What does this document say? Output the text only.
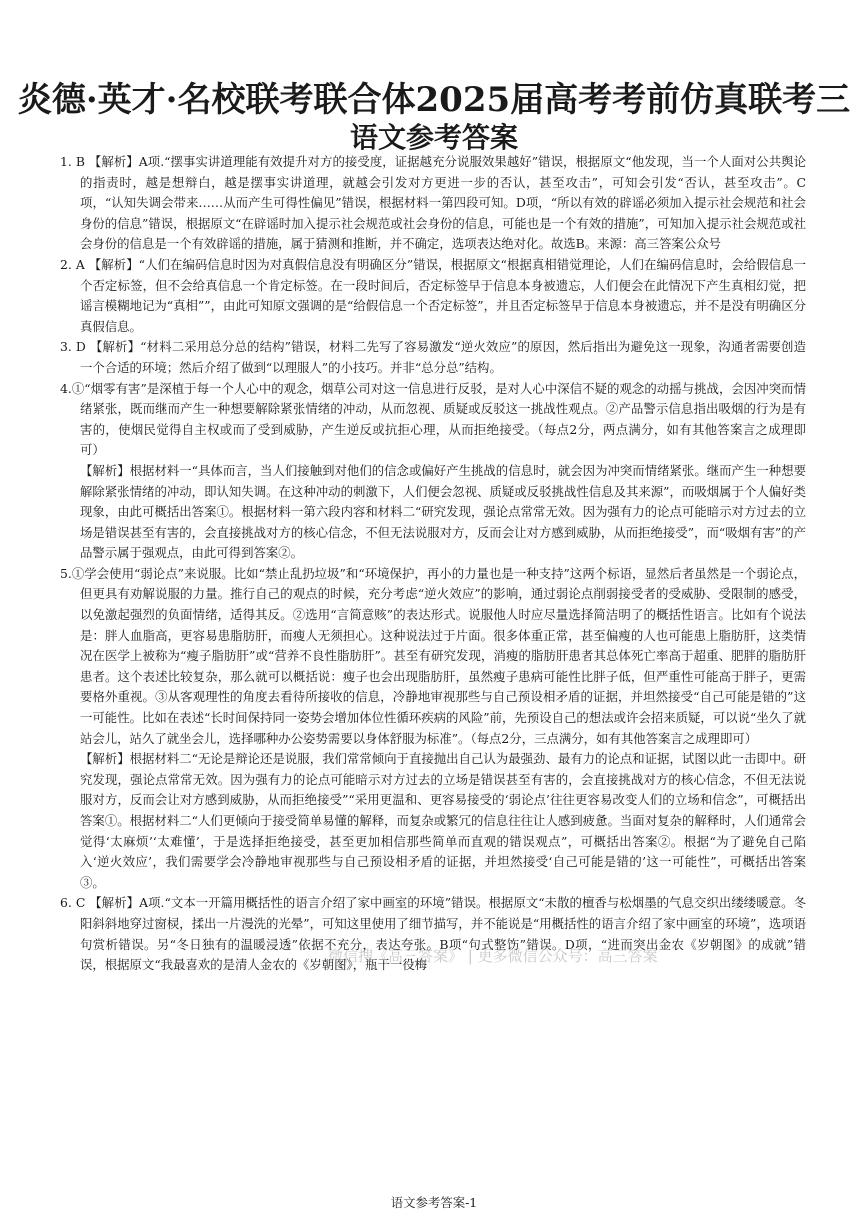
炎德·英才·名校联考联合体2025届高考考前仿真联考三
语文参考答案

1. B 【解析】A项.“摆事实讲道理能有效提升对方的接受度，证据越充分说服效果越好”错误，根据原文“他发现，当一个人面对公共舆论的指责时，越是想辩白，越是摆事实讲道理，就越会引发对方更进一步的否认，甚至攻击”，可知会引发“否认，甚至攻击”。C项，“认知失调会带来……从而产生可得性偏见”错误，根据材料一第四段可知。D项，“所以有效的辟谣必须加入提示社会规范和社会身份的信息”错误，根据原文“在辟谣时加入提示社会规范或社会身份的信息，可能也是一个有效的措施”，可知加入提示社会规范或社会身份的信息是一个有效辟谣的措施，属于猜测和推断，并不确定，选项表达绝对化。故选B。来源：高三答案公众号

2. A 【解析】“人们在编码信息时因为对真假信息没有明确区分”错误，根据原文“根据真相错觉理论，人们在编码信息时，会给假信息一个否定标签，但不会给真信息一个肯定标签。在一段时间后，否定标签早于信息本身被遗忘，人们便会在此情况下产生真相幻觉，把谣言模糊地记为“真相””，由此可知原文强调的是“给假信息一个否定标签”，并且否定标签早于信息本身被遗忘，并不是没有明确区分真假信息。

3. D 【解析】“材料二采用总分总的结构”错误，材料二先写了容易激发“逆火效应”的原因，然后指出为避免这一现象，沟通者需要创造一个合适的环境；然后介绍了做到“以理服人”的小技巧。并非“总分总”结构。

4.①“烟零有害”是深植于每一个人心中的观念，烟草公司对这一信息进行反驳，是对人心中深信不疑的观念的动摇与挑战，会因冲突而情绪紧张，既而继而产生一种想要解除紧张情绪的冲动，从而忽视、质疑或反驳这一挑战性观点。②产品警示信息指出吸烟的行为是有害的，使烟民觉得自主权或而了受到威胁，产生逆反或抗拒心理，从而拒绝接受。（每点2分，两点满分，如有其他答案言之成理即可）

【解析】根据材料一“具体而言，当人们接触到对他们的信念或偏好产生挑战的信息时，就会因为冲突而情绪紧张。继而产生一种想要解除紧张情绪的冲动，即认知失调。在这种冲动的刺激下，人们便会忽视、质疑或反驳挑战性信息及其来源”，而吸烟属于个人偏好类现象，由此可概括出答案①。根据材料一第六段内容和材料二“研究发现，强论点常常无效。因为强有力的论点可能暗示对方过去的立场是错误甚至有害的，会直接挑战对方的核心信念，不但无法说服对方，反而会让对方感到威胁，从而拒绝接受”，而“吸烟有害”的产品警示属于强观点，由此可得到答案②。

5.①学会使用“弱论点”来说服。比如“禁止乱扔垃圾”和“环境保护，再小的力量也是一种支持”这两个标语，显然后者虽然是一个弱论点，但更具有劝解说服的力量。推行自己的观点的时候，充分考虑“逆火效应”的影响，通过弱论点削弱接受者的受威胁、受限制的感受，以免激起强烈的负面情绪，适得其反。②选用“言简意赅”的表达形式。说服他人时应尽量选择简洁明了的概括性语言。比如有个说法是：胖人血脂高，更容易患脂肪肝，而瘦人无须担心。这种说法过于片面。很多体重正常，甚至偏瘦的人也可能患上脂肪肝，这类情况在医学上被称为“瘦子脂肪肝”或“营养不良性脂肪肝”。甚至有研究发现，消瘦的脂肪肝患者其总体死亡率高于超重、肥胖的脂肪肝患者。这个表述比较复杂，那么就可以概括说：瘦子也会出现脂肪肝，虽然瘦子患病可能性比胖子低，但严重性可能高于胖子，更需要格外重视。③从客观理性的角度去看待所接收的信息，冷静地审视那些与自己预设相矛盾的证据，并坦然接受“自己可能是错的”这一可能性。比如在表述“长时间保持同一姿势会增加体位性循环疾病的风险”前，先预设自己的想法或许会招来质疑，可以说“坐久了就站会儿，站久了就坐会儿，选择哪种办公姿势需要以身体舒服为标准”。（每点2分，三点满分，如有其他答案言之成理即可）

【解析】根据材料二“无论是辩论还是说服，我们常常倾向于直接抛出自己认为最强劲、最有力的论点和证据，试图以此一击即中。研究发现，强论点常常无效。因为强有力的论点可能暗示对方过去的立场是错误甚至有害的，会直接挑战对方的核心信念，不但无法说服对方，反而会让对方感到威胁，从而拒绝接受”“采用更温和、更容易接受的‘弱论点’往往更容易改变人们的立场和信念”，可概括出答案①。根据材料二“人们更倾向于接受简单易懂的解释，而复杂或繁冗的信息往往让人感到疲惫。当面对复杂的解释时，人们通常会觉得‘太麻烦’‘太难懂’，于是选择拒绝接受，甚至更加相信那些简单而直观的错误观点”，可概括出答案②。根据“为了避免自己陷入‘逆火效应’，我们需要学会冷静地审视那些与自己预设相矛盾的证据，并坦然接受‘自己可能是错的’这一可能性”，可概括出答案③。

6. C 【解析】A项.“文本一开篇用概括性的语言介绍了家中画室的环境”错误。根据原文“未散的檀香与松烟墨的气息交织出缕缕暖意。冬阳斜斜地穿过窗棂，揉出一片漫洗的光晕”，可知这里使用了细节描写，并不能说是“用概括性的语言介绍了家中画室的环境”，选项语句赏析错误。另“冬日独有的温暖浸透”依据不充分，表达夸张。B项“句式整饬”错误。D项，“进而突出金农《岁朝图》的成就”错误，根据原文“我最喜欢的是清人金农的《岁朝图》，瓶干一役梅

微信搜《高三答案》 | 更多微信公众号：高三答案
语文参考答案-1
